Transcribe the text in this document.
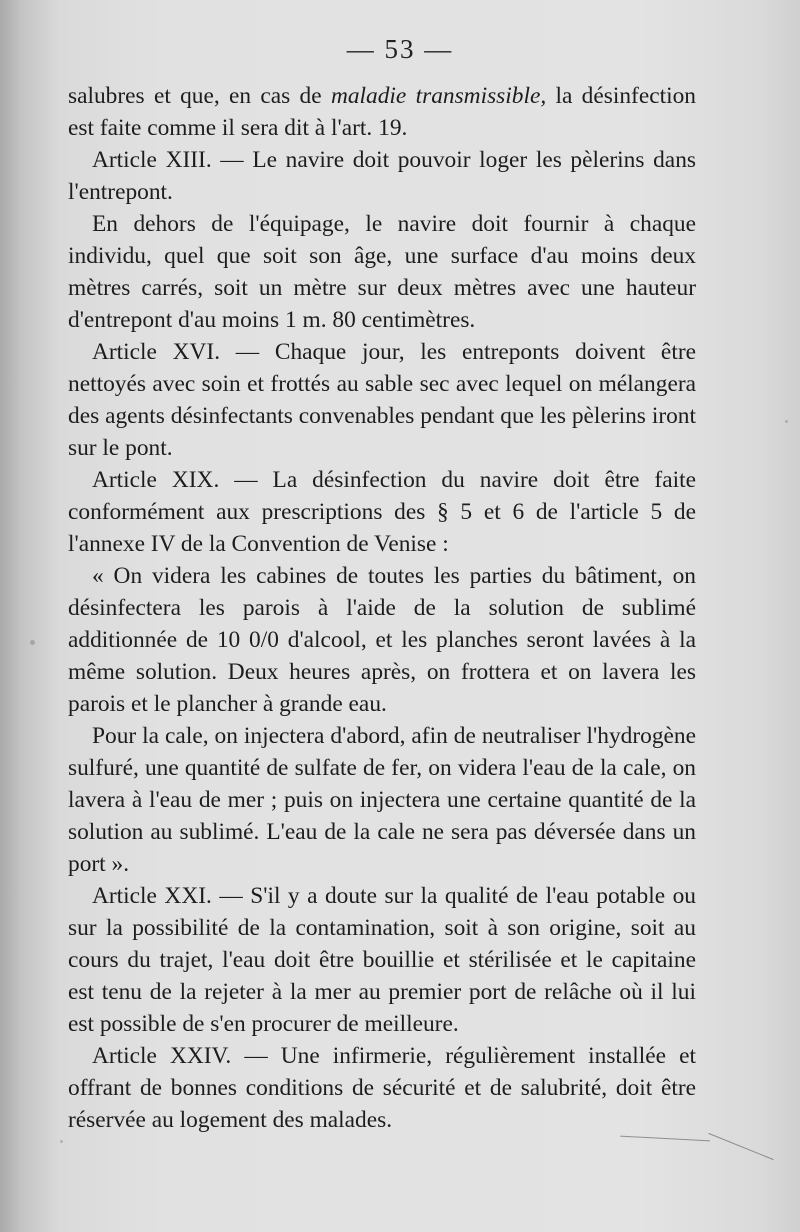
— 53 —

salubres et que, en cas de maladie transmissible, la désinfection est faite comme il sera dit à l'art. 19.

Article XIII. — Le navire doit pouvoir loger les pèlerins dans l'entrepont.

En dehors de l'équipage, le navire doit fournir à chaque individu, quel que soit son âge, une surface d'au moins deux mètres carrés, soit un mètre sur deux mètres avec une hauteur d'entrepont d'au moins 1 m. 80 centimètres.

Article XVI. — Chaque jour, les entreponts doivent être nettoyés avec soin et frottés au sable sec avec lequel on mélangera des agents désinfectants convenables pendant que les pèlerins iront sur le pont.

Article XIX. — La désinfection du navire doit être faite conformément aux prescriptions des § 5 et 6 de l'article 5 de l'annexe IV de la Convention de Venise :

« On videra les cabines de toutes les parties du bâtiment, on désinfectera les parois à l'aide de la solution de sublimé additionnée de 10 0/0 d'alcool, et les planches seront lavées à la même solution. Deux heures après, on frottera et on lavera les parois et le plancher à grande eau.

Pour la cale, on injectera d'abord, afin de neutraliser l'hydrogène sulfuré, une quantité de sulfate de fer, on videra l'eau de la cale, on lavera à l'eau de mer ; puis on injectera une certaine quantité de la solution au sublimé. L'eau de la cale ne sera pas déversée dans un port ».

Article XXI. — S'il y a doute sur la qualité de l'eau potable ou sur la possibilité de la contamination, soit à son origine, soit au cours du trajet, l'eau doit être bouillie et stérilisée et le capitaine est tenu de la rejeter à la mer au premier port de relâche où il lui est possible de s'en procurer de meilleure.

Article XXIV. — Une infirmerie, régulièrement installée et offrant de bonnes conditions de sécurité et de salubrité, doit être réservée au logement des malades.
